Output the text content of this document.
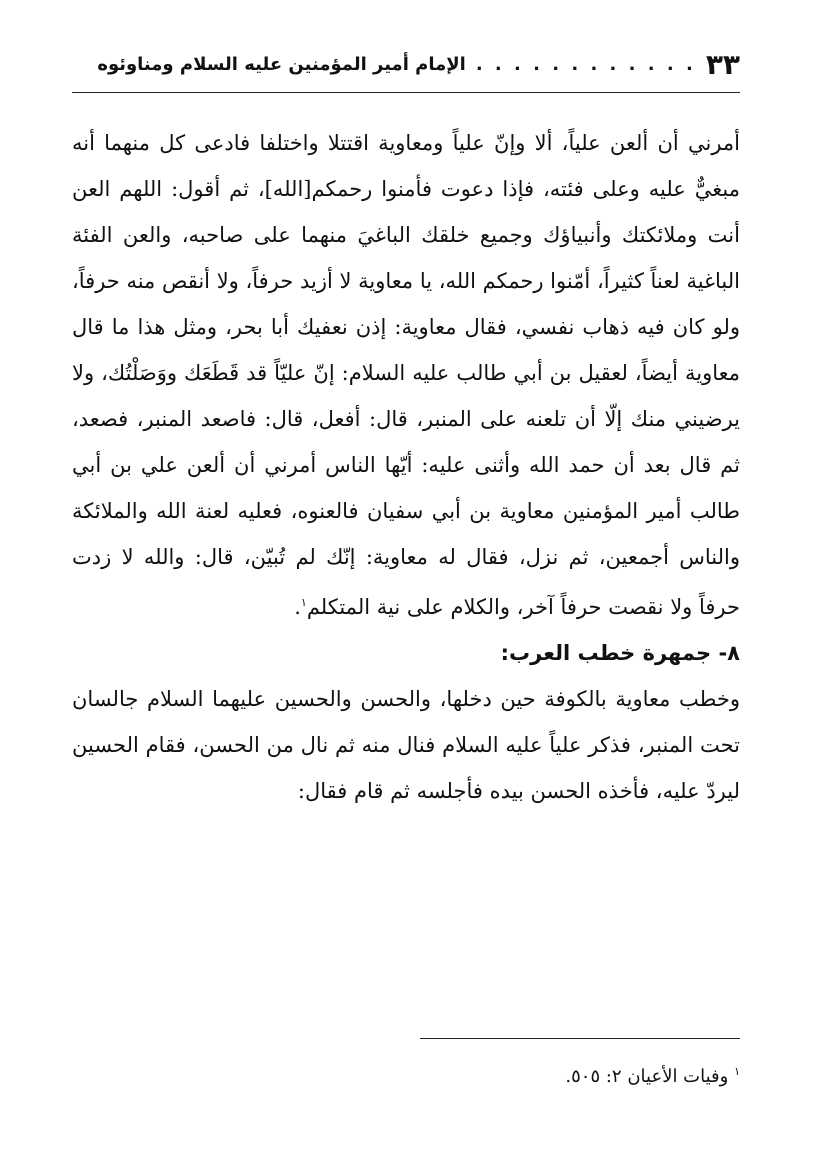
٣٣
. . . . . . . . . . . .
الإمام أمير المؤمنين عليه السلام ومناوئوه

أمرني أن ألعن علياً، ألا وإنّ علياً ومعاوية اقتتلا واختلفا فادعى كل منهما أنه مبغيٌّ عليه وعلى فئته، فإذا دعوت فأمنوا رحمكم[الله]، ثم أقول: اللهم العن أنت وملائكتك وأنبياؤك وجميع خلقك الباغيَ منهما على صاحبه، والعن الفئة الباغية لعناً كثيراً، أمّنوا رحمكم الله، يا معاوية لا أزيد حرفاً، ولا أنقص منه حرفاً، ولو كان فيه ذهاب نفسي، فقال معاوية: إذن نعفيك أبا بحر، ومثل هذا ما قال معاوية أيضاً، لعقيل بن أبي طالب عليه السلام: إنّ عليّاً قد قَطَعَك ووَصَلْتُك، ولا يرضيني منك إلّا أن تلعنه على المنبر، قال: أفعل، قال: فاصعد المنبر، فصعد، ثم قال بعد أن حمد الله وأثنى عليه: أيّها الناس أمرني أن ألعن علي بن أبي طالب أمير المؤمنين معاوية بن أبي سفيان فالعنوه، فعليه لعنة الله والملائكة والناس أجمعين، ثم نزل، فقال له معاوية: إنّك لم تُبيّن، قال: والله لا زدت حرفاً ولا نقصت حرفاً آخر، والكلام على نية المتكلم$^١$.

٨- جمهرة خطب العرب:

وخطب معاوية بالكوفة حين دخلها، والحسن والحسين عليهما السلام جالسان تحت المنبر، فذكر علياً عليه السلام فنال منه ثم نال من الحسن، فقام الحسين ليردّ عليه، فأخذه الحسن بيده فأجلسه ثم قام فقال:

$^١$ وفيات الأعيان ٢: ٥٠٥.
